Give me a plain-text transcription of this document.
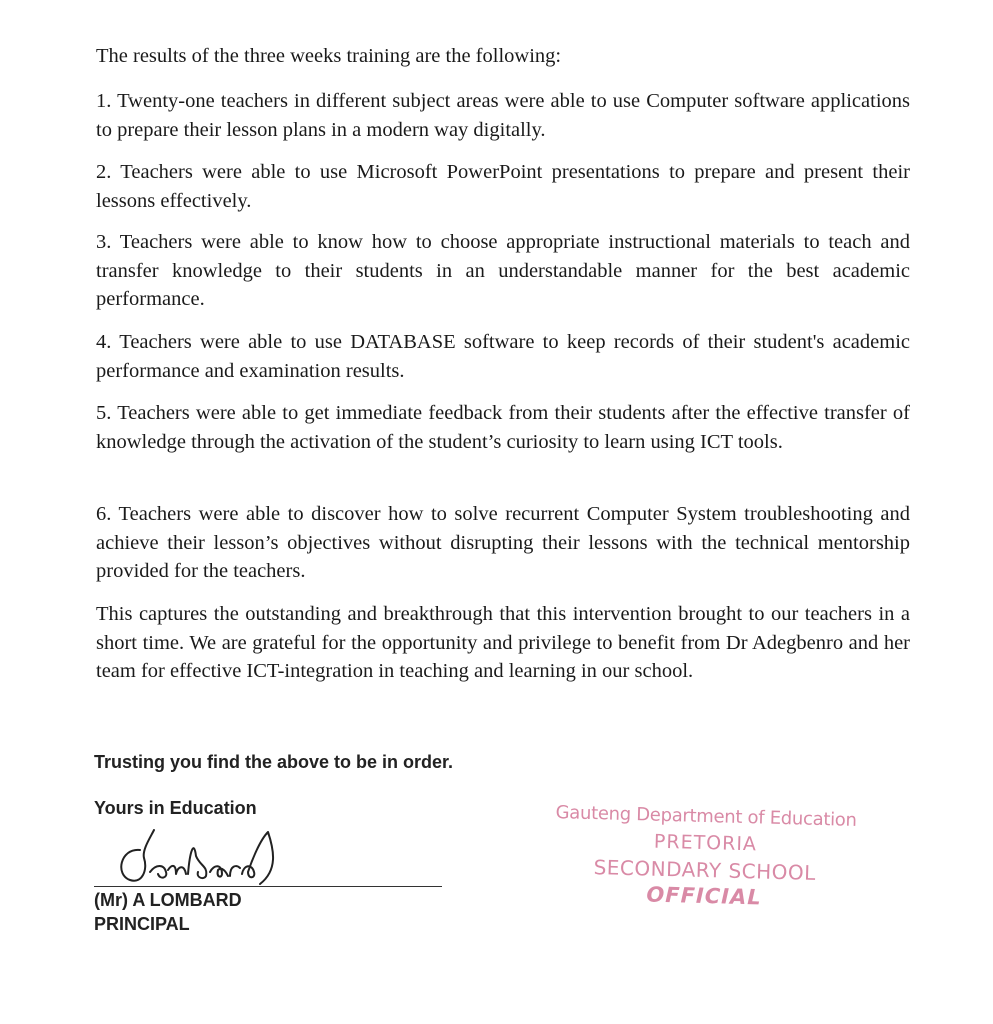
The results of the three weeks training are the following:
1. Twenty-one teachers in different subject areas were able to use Computer software applications to prepare their lesson plans in a modern way digitally.
2. Teachers were able to use Microsoft PowerPoint presentations to prepare and present their lessons effectively.
3. Teachers were able to know how to choose appropriate instructional materials to teach and transfer knowledge to their students in an understandable manner for the best academic performance.
4. Teachers were able to use DATABASE software to keep records of their student's academic performance and examination results.
5. Teachers were able to get immediate feedback from their students after the effective transfer of knowledge through the activation of the student’s curiosity to learn using ICT tools.
6. Teachers were able to discover how to solve recurrent Computer System troubleshooting and achieve their lesson’s objectives without disrupting their lessons with the technical mentorship provided for the teachers.
This captures the outstanding and breakthrough that this intervention brought to our teachers in a short time. We are grateful for the opportunity and privilege to benefit from Dr Adegbenro and her team for effective ICT-integration in teaching and learning in our school.
Trusting you find the above to be in order.
Yours in Education
(Mr) A LOMBARD
PRINCIPAL
Gauteng Department of Education
PRETORIA
SECONDARY SCHOOL
OFFICIAL
